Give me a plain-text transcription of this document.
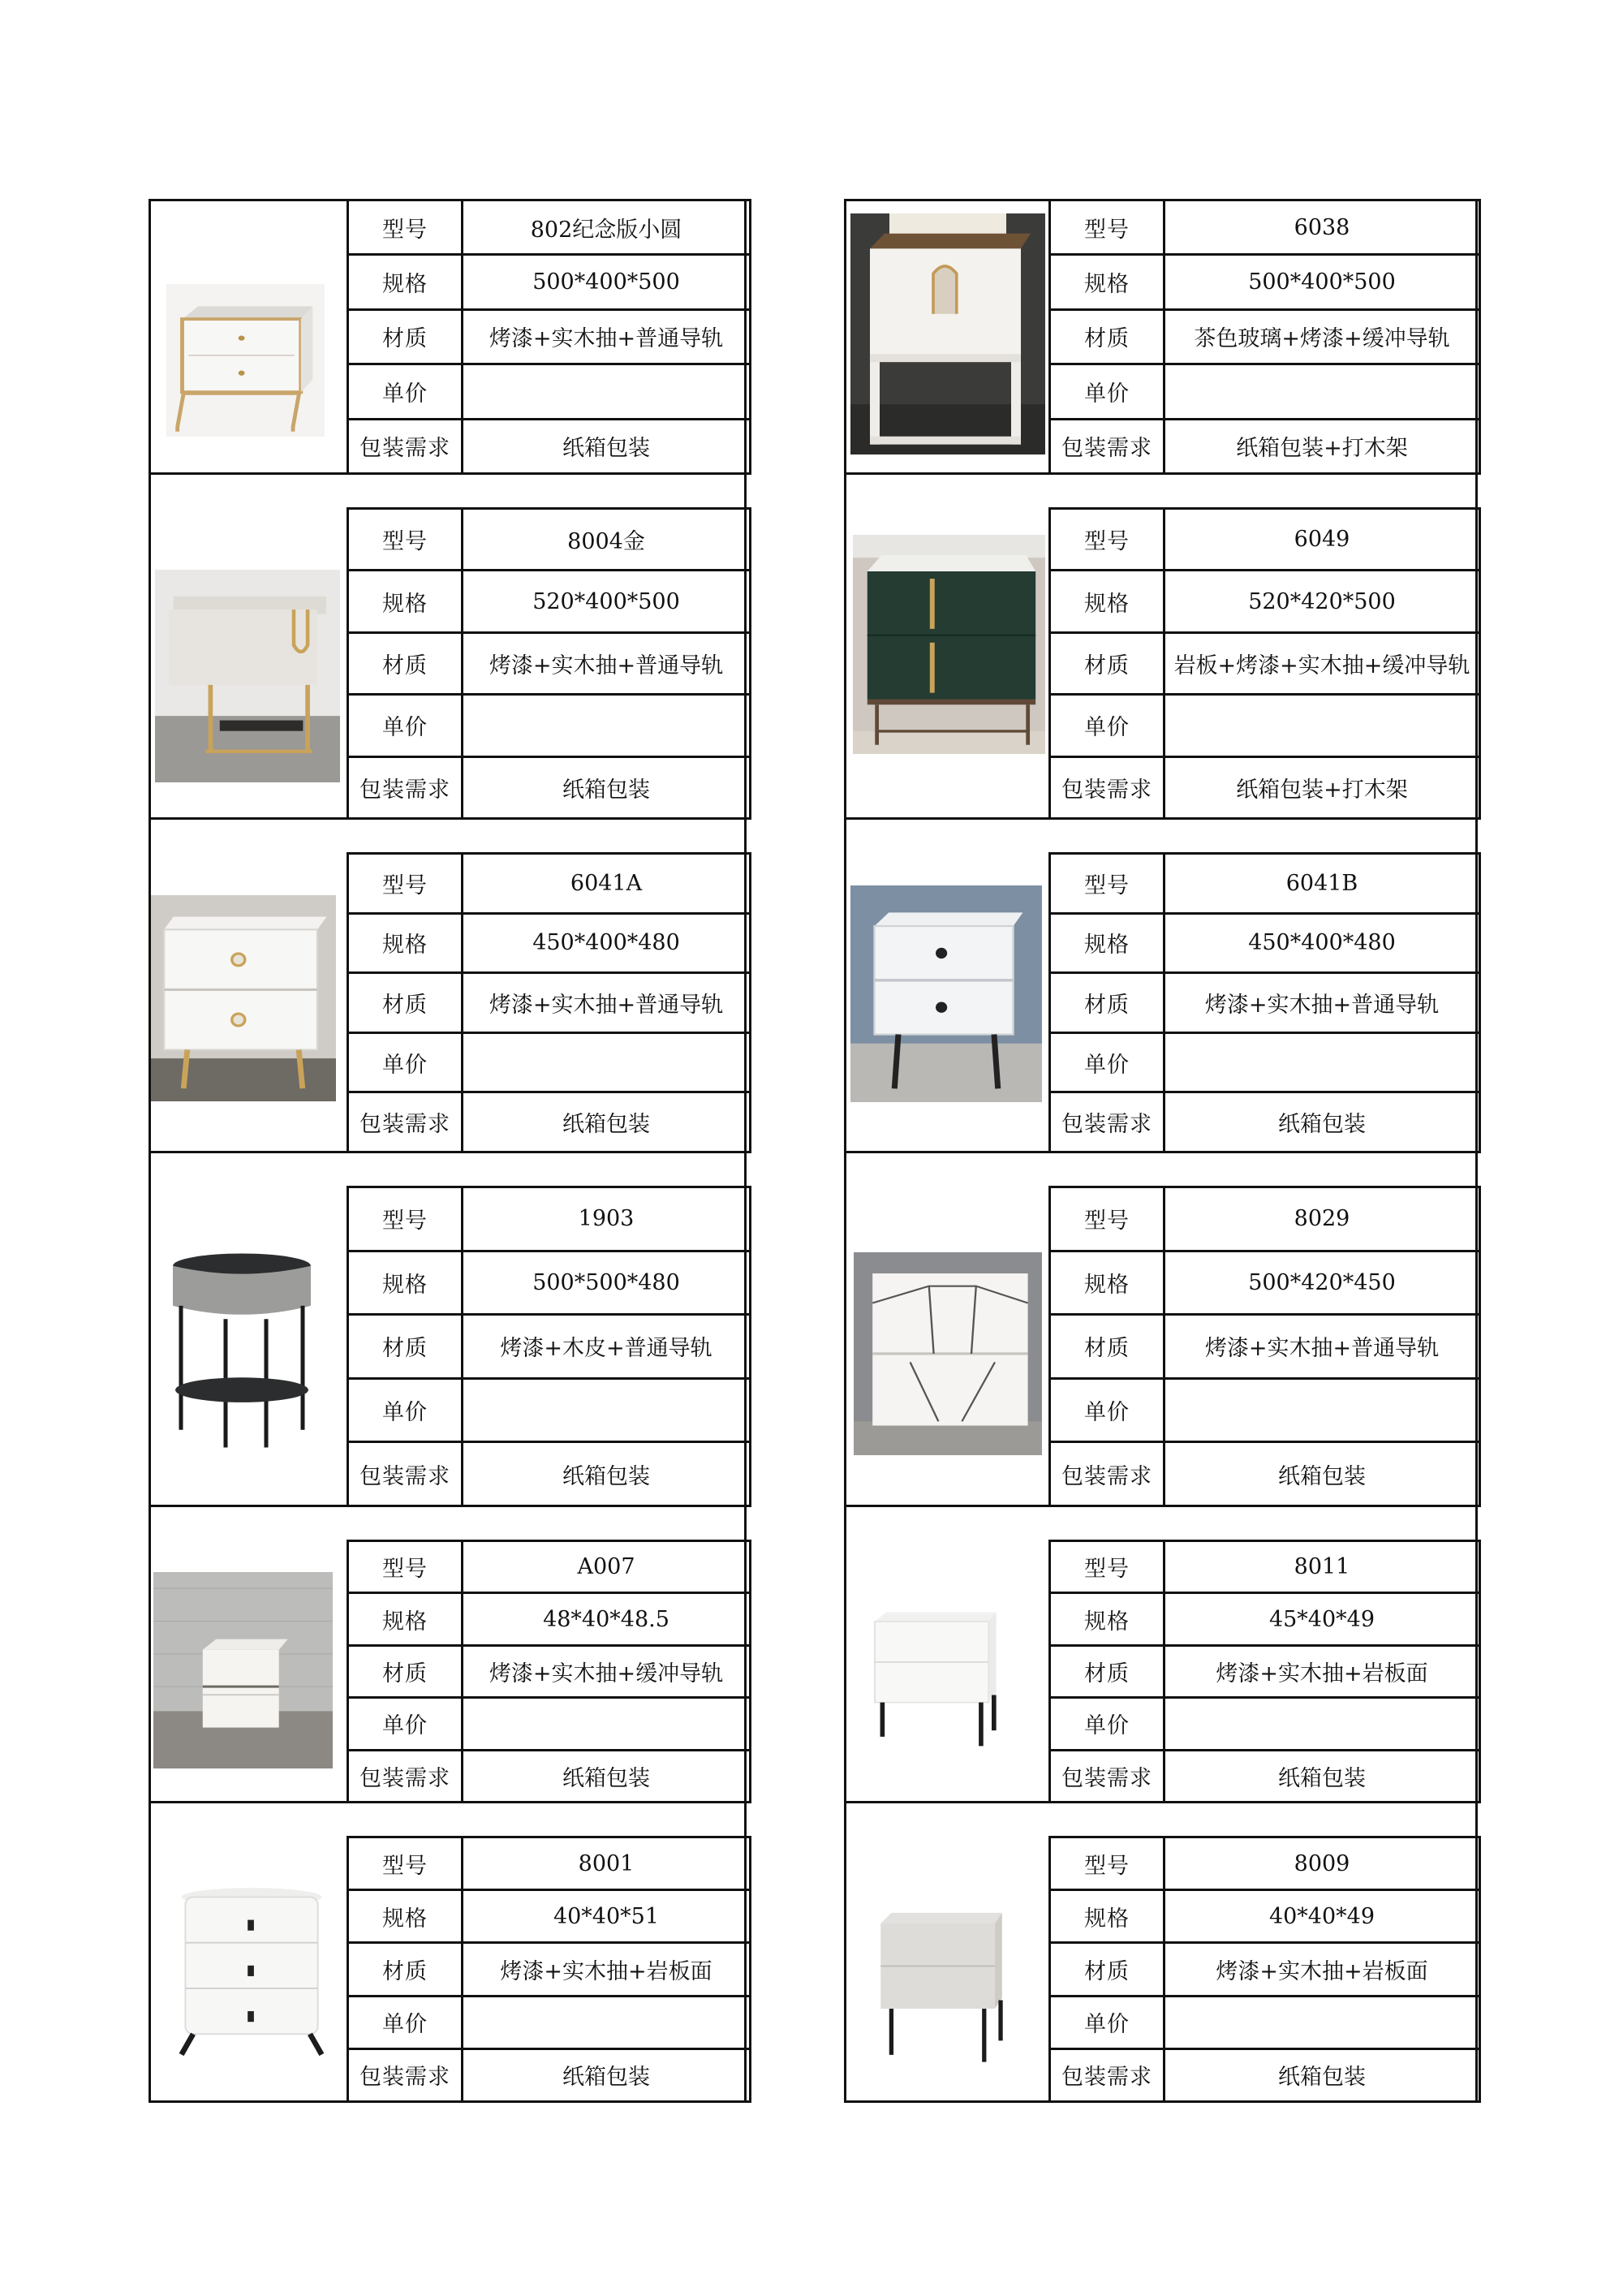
型号	802纪念版小圆
规格	500*400*500
材质	烤漆+实木抽+普通导轨
单价	
包装需求	纸箱包装
型号	6038
规格	500*400*500
材质	茶色玻璃+烤漆+缓冲导轨
单价	
包装需求	纸箱包装+打木架
型号	8004金
规格	520*400*500
材质	烤漆+实木抽+普通导轨
单价	
包装需求	纸箱包装
型号	6049
规格	520*420*500
材质	岩板+烤漆+实木抽+缓冲导轨
单价	
包装需求	纸箱包装+打木架
型号	6041A
规格	450*400*480
材质	烤漆+实木抽+普通导轨
单价	
包装需求	纸箱包装
型号	6041B
规格	450*400*480
材质	烤漆+实木抽+普通导轨
单价	
包装需求	纸箱包装
型号	1903
规格	500*500*480
材质	烤漆+木皮+普通导轨
单价	
包装需求	纸箱包装
型号	8029
规格	500*420*450
材质	烤漆+实木抽+普通导轨
单价	
包装需求	纸箱包装
型号	A007
规格	48*40*48.5
材质	烤漆+实木抽+缓冲导轨
单价	
包装需求	纸箱包装
型号	8011
规格	45*40*49
材质	烤漆+实木抽+岩板面
单价	
包装需求	纸箱包装
型号	8001
规格	40*40*51
材质	烤漆+实木抽+岩板面
单价	
包装需求	纸箱包装
型号	8009
规格	40*40*49
材质	烤漆+实木抽+岩板面
单价	
包装需求	纸箱包装
